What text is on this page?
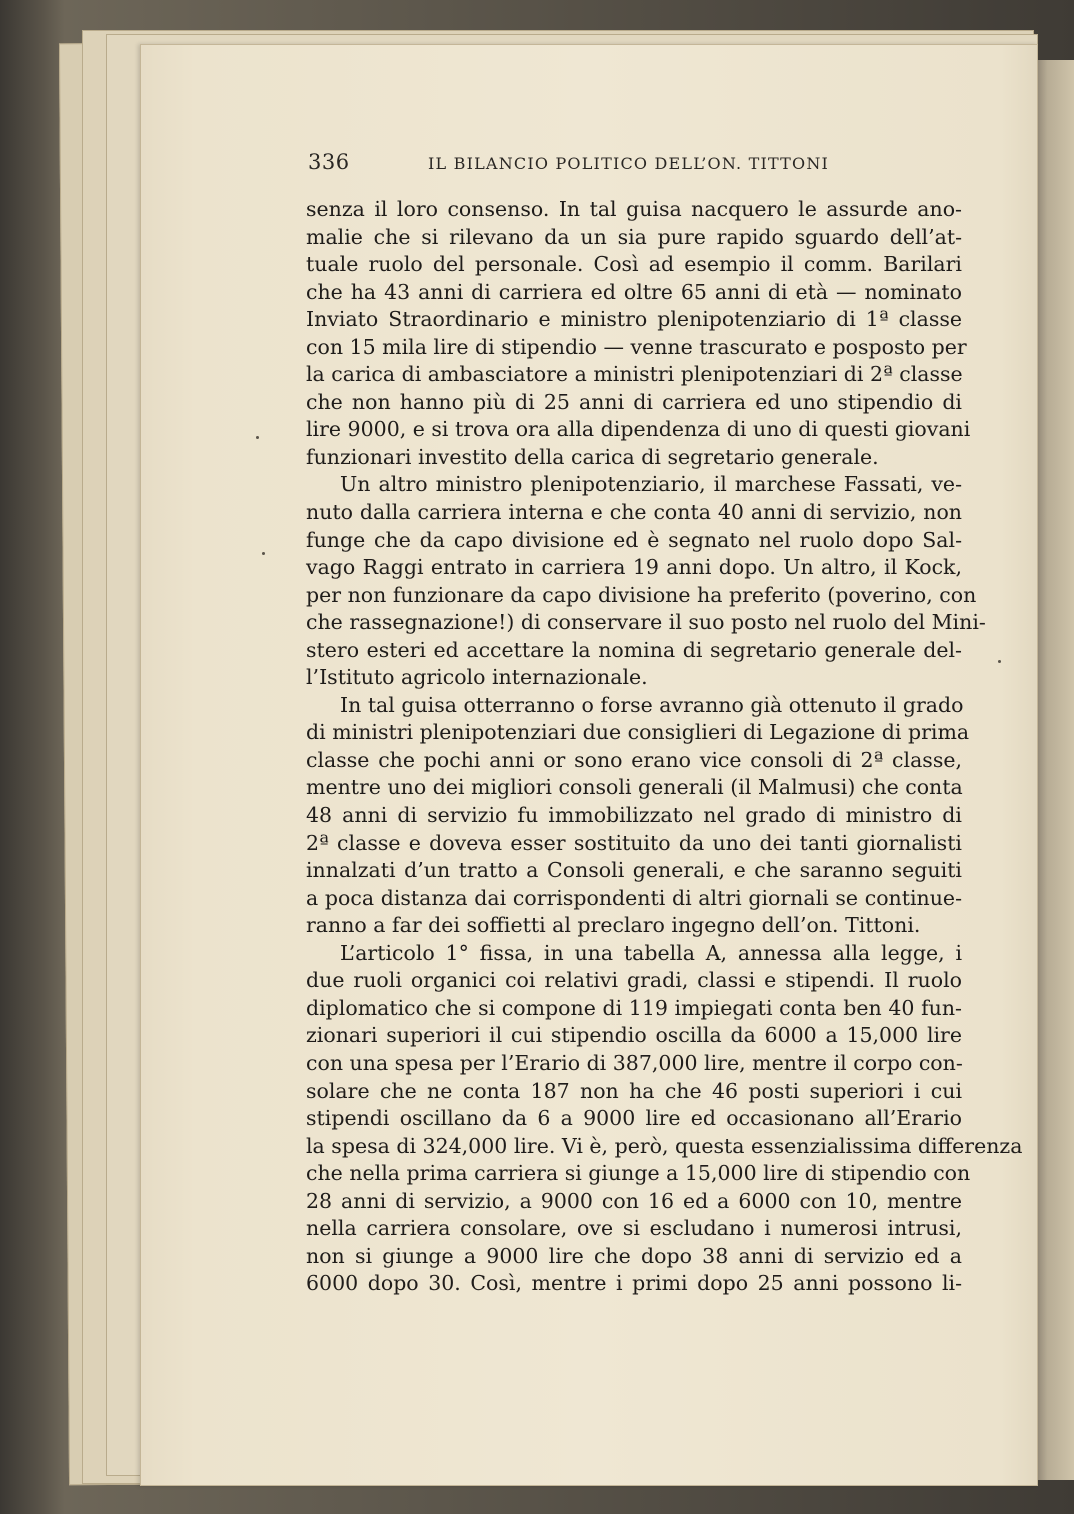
336	IL BILANCIO POLITICO DELL’ON. TITTONI
senza il loro consenso. In tal guisa nacquero le assurde ano-
malie che si rilevano da un sia pure rapido sguardo dell’at-
tuale ruolo del personale. Così ad esempio il comm. Barilari
che ha 43 anni di carriera ed oltre 65 anni di età — nominato
Inviato Straordinario e ministro plenipotenziario di 1ª classe
con 15 mila lire di stipendio — venne trascurato e posposto per
la carica di ambasciatore a ministri plenipotenziari di 2ª classe
che non hanno più di 25 anni di carriera ed uno stipendio di
lire 9000, e si trova ora alla dipendenza di uno di questi giovani
funzionari investito della carica di segretario generale.
Un altro ministro plenipotenziario, il marchese Fassati, ve-
nuto dalla carriera interna e che conta 40 anni di servizio, non
funge che da capo divisione ed è segnato nel ruolo dopo Sal-
vago Raggi entrato in carriera 19 anni dopo. Un altro, il Kock,
per non funzionare da capo divisione ha preferito (poverino, con
che rassegnazione!) di conservare il suo posto nel ruolo del Mini-
stero esteri ed accettare la nomina di segretario generale del-
l’Istituto agricolo internazionale.
In tal guisa otterranno o forse avranno già ottenuto il grado
di ministri plenipotenziari due consiglieri di Legazione di prima
classe che pochi anni or sono erano vice consoli di 2ª classe,
mentre uno dei migliori consoli generali (il Malmusi) che conta
48 anni di servizio fu immobilizzato nel grado di ministro di
2ª classe e doveva esser sostituito da uno dei tanti giornalisti
innalzati d’un tratto a Consoli generali, e che saranno seguiti
a poca distanza dai corrispondenti di altri giornali se continue-
ranno a far dei soffietti al preclaro ingegno dell’on. Tittoni.
L’articolo 1° fissa, in una tabella A, annessa alla legge, i
due ruoli organici coi relativi gradi, classi e stipendi. Il ruolo
diplomatico che si compone di 119 impiegati conta ben 40 fun-
zionari superiori il cui stipendio oscilla da 6000 a 15,000 lire
con una spesa per l’Erario di 387,000 lire, mentre il corpo con-
solare che ne conta 187 non ha che 46 posti superiori i cui
stipendi oscillano da 6 a 9000 lire ed occasionano all’Erario
la spesa di 324,000 lire. Vi è, però, questa essenzialissima differenza
che nella prima carriera si giunge a 15,000 lire di stipendio con
28 anni di servizio, a 9000 con 16 ed a 6000 con 10, mentre
nella carriera consolare, ove si escludano i numerosi intrusi,
non si giunge a 9000 lire che dopo 38 anni di servizio ed a
6000 dopo 30. Così, mentre i primi dopo 25 anni possono li-
